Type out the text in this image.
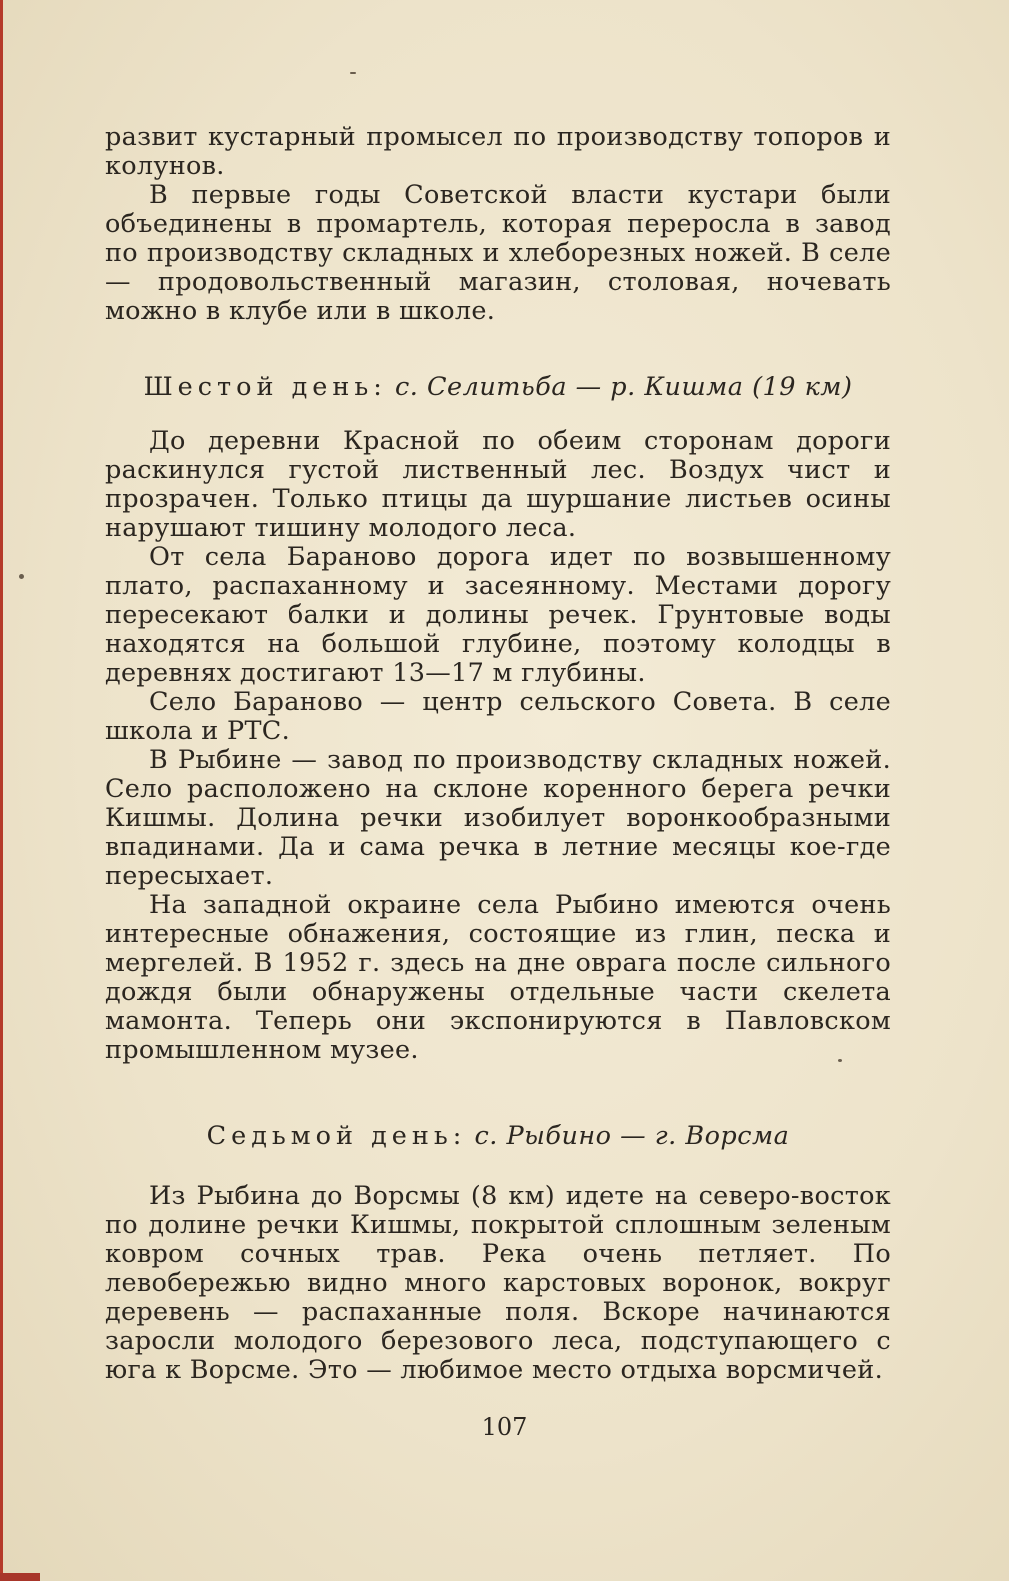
развит кустарный промысел по производству топоров и колунов.

В первые годы Советской власти кустари были объединены в промартель, которая переросла в завод по производству складных и хлеборезных ножей. В селе — продовольственный магазин, столовая, ночевать можно в клубе или в школе.

Шестой день: с. Селитьба — р. Кишма (19 км)

До деревни Красной по обеим сторонам дороги раскинулся густой лиственный лес. Воздух чист и прозрачен. Только птицы да шуршание листьев осины нарушают тишину молодого леса.

От села Бараново дорога идет по возвышенному плато, распаханному и засеянному. Местами дорогу пересекают балки и долины речек. Грунтовые воды находятся на большой глубине, поэтому колодцы в деревнях достигают 13—17 м глубины.

Село Бараново — центр сельского Совета. В селе школа и РТС.

В Рыбине — завод по производству складных ножей. Село расположено на склоне коренного берега речки Кишмы. Долина речки изобилует воронкообразными впадинами. Да и сама речка в летние месяцы кое-где пересыхает.

На западной окраине села Рыбино имеются очень интересные обнажения, состоящие из глин, песка и мергелей. В 1952 г. здесь на дне оврага после сильного дождя были обнаружены отдельные части скелета мамонта. Теперь они экспонируются в Павловском промышленном музее.

Седьмой день: с. Рыбино — г. Ворсма

Из Рыбина до Ворсмы (8 км) идете на северо-восток по долине речки Кишмы, покрытой сплошным зеленым ковром сочных трав. Река очень петляет. По левобережью видно много карстовых воронок, вокруг деревень — распаханные поля. Вскоре начинаются заросли молодого березового леса, подступающего с юга к Ворсме. Это — любимое место отдыха ворсмичей.

107
